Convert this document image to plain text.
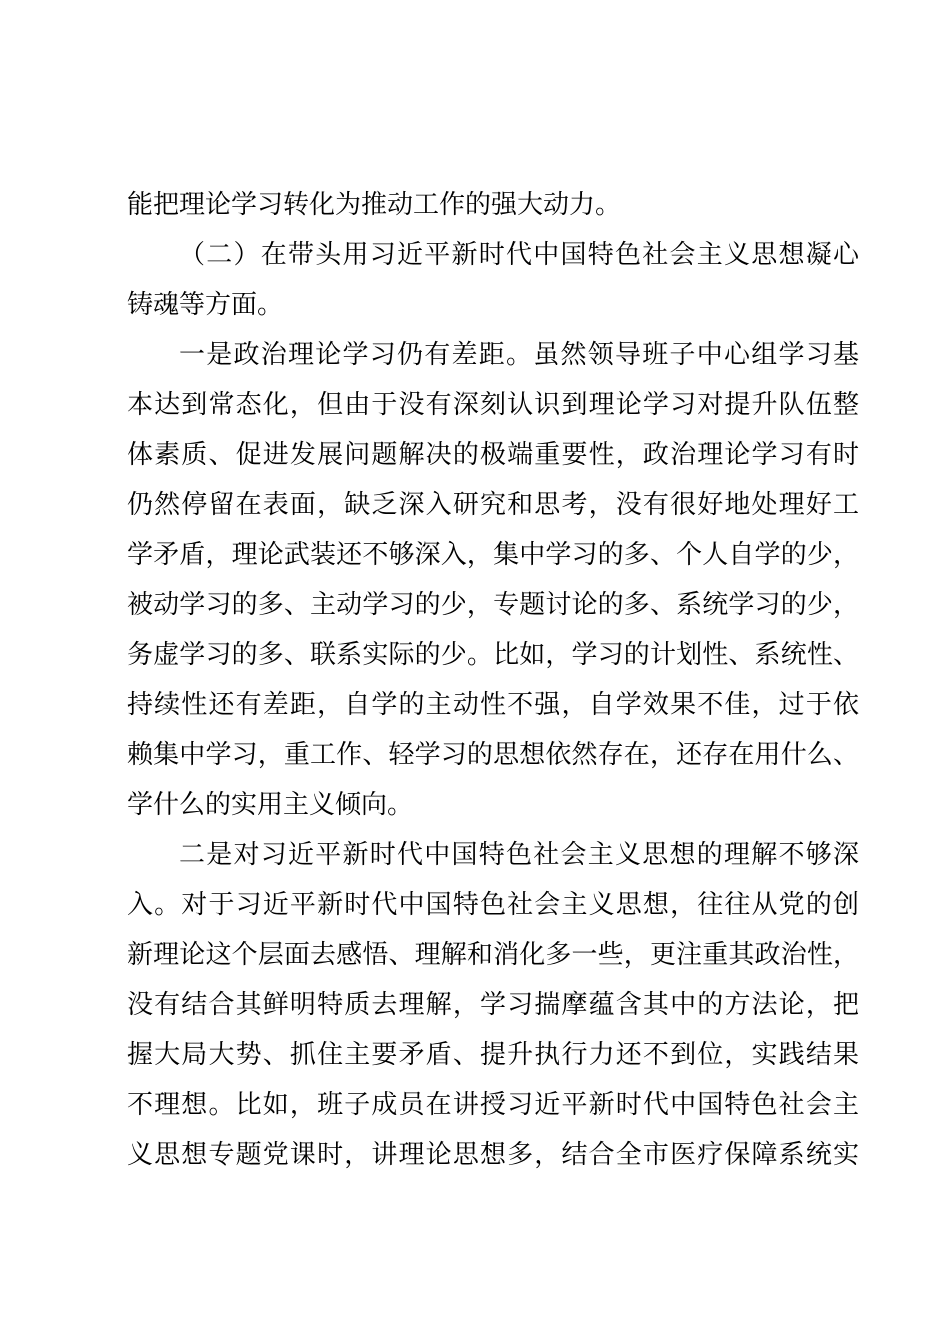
能把理论学习转化为推动工作的强大动力。
（二）在带头用习近平新时代中国特色社会主义思想凝心
铸魂等方面。
一是政治理论学习仍有差距。虽然领导班子中心组学习基
本达到常态化，但由于没有深刻认识到理论学习对提升队伍整
体素质、促进发展问题解决的极端重要性，政治理论学习有时
仍然停留在表面，缺乏深入研究和思考，没有很好地处理好工
学矛盾，理论武装还不够深入，集中学习的多、个人自学的少，
被动学习的多、主动学习的少，专题讨论的多、系统学习的少，
务虚学习的多、联系实际的少。比如，学习的计划性、系统性、
持续性还有差距，自学的主动性不强，自学效果不佳，过于依
赖集中学习，重工作、轻学习的思想依然存在，还存在用什么、
学什么的实用主义倾向。
二是对习近平新时代中国特色社会主义思想的理解不够深
入。对于习近平新时代中国特色社会主义思想，往往从党的创
新理论这个层面去感悟、理解和消化多一些，更注重其政治性，
没有结合其鲜明特质去理解，学习揣摩蕴含其中的方法论，把
握大局大势、抓住主要矛盾、提升执行力还不到位，实践结果
不理想。比如，班子成员在讲授习近平新时代中国特色社会主
义思想专题党课时，讲理论思想多，结合全市医疗保障系统实
